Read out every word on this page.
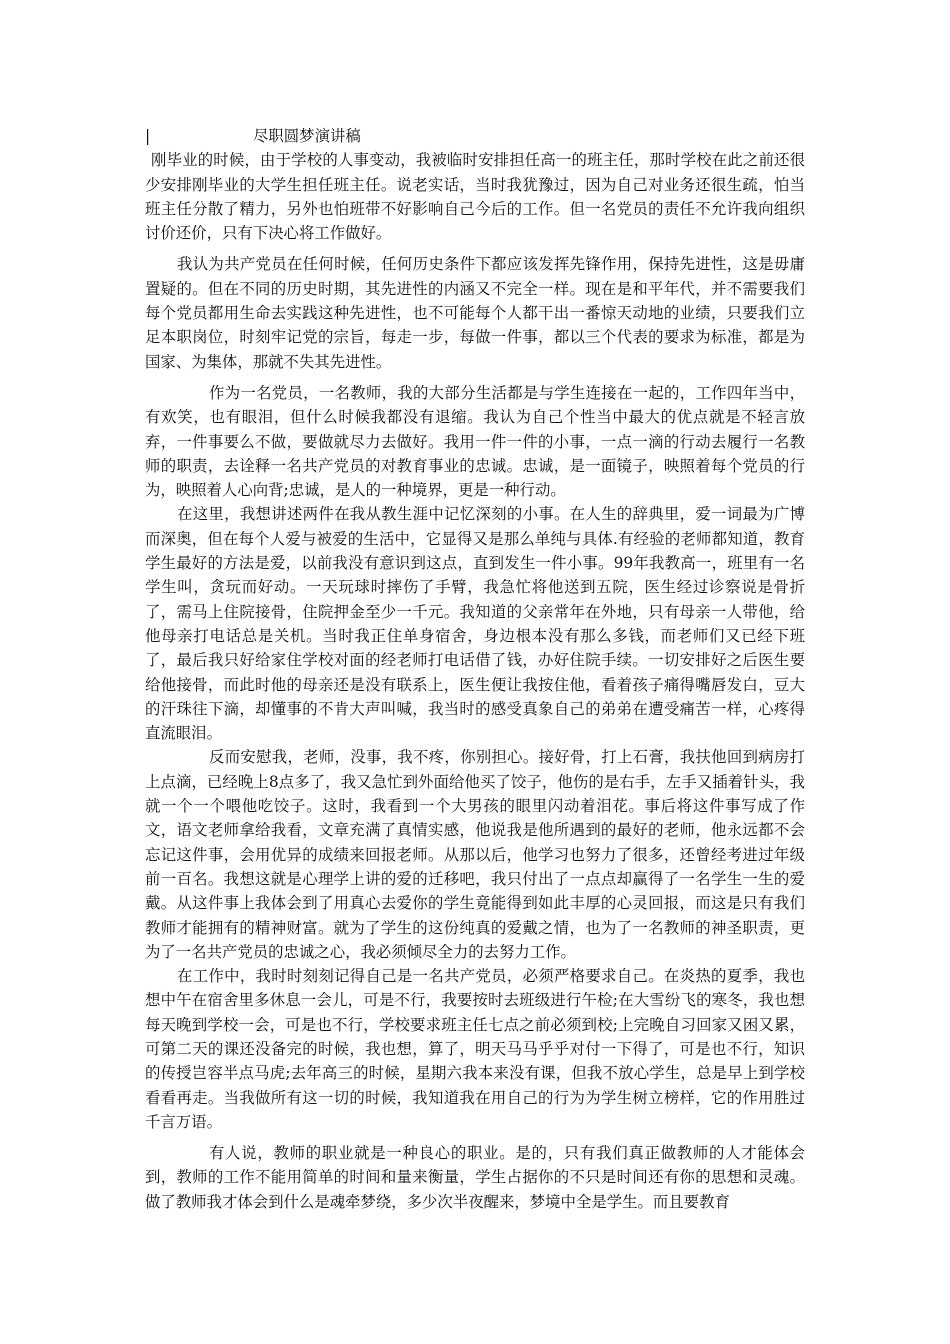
|	尽职圆梦演讲稿

刚毕业的时候，由于学校的人事变动，我被临时安排担任高一的班主任，那时学校在此之前还很少安排刚毕业的大学生担任班主任。说老实话，当时我犹豫过，因为自己对业务还很生疏，怕当班主任分散了精力，另外也怕班带不好影响自己今后的工作。但一名党员的责任不允许我向组织讨价还价，只有下决心将工作做好。

我认为共产党员在任何时候，任何历史条件下都应该发挥先锋作用，保持先进性，这是毋庸置疑的。但在不同的历史时期，其先进性的内涵又不完全一样。现在是和平年代，并不需要我们每个党员都用生命去实践这种先进性，也不可能每个人都干出一番惊天动地的业绩，只要我们立足本职岗位，时刻牢记党的宗旨，每走一步，每做一件事，都以三个代表的要求为标准，都是为国家、为集体，那就不失其先进性。

作为一名党员，一名教师，我的大部分生活都是与学生连接在一起的，工作四年当中，有欢笑，也有眼泪，但什么时候我都没有退缩。我认为自己个性当中最大的优点就是不轻言放弃，一件事要么不做，要做就尽力去做好。我用一件一件的小事，一点一滴的行动去履行一名教师的职责，去诠释一名共产党员的对教育事业的忠诚。忠诚，是一面镜子，映照着每个党员的行为，映照着人心向背;忠诚，是人的一种境界，更是一种行动。

在这里，我想讲述两件在我从教生涯中记忆深刻的小事。在人生的辞典里，爱一词最为广博而深奥，但在每个人爱与被爱的生活中，它显得又是那么单纯与具体.有经验的老师都知道，教育学生最好的方法是爱，以前我没有意识到这点，直到发生一件小事。99年我教高一，班里有一名学生叫，贪玩而好动。一天玩球时摔伤了手臂，我急忙将他送到五院，医生经过诊察说是骨折了，需马上住院接骨，住院押金至少一千元。我知道的父亲常年在外地，只有母亲一人带他，给他母亲打电话总是关机。当时我正住单身宿舍，身边根本没有那么多钱，而老师们又已经下班了，最后我只好给家住学校对面的经老师打电话借了钱，办好住院手续。一切安排好之后医生要给他接骨，而此时他的母亲还是没有联系上，医生便让我按住他，看着孩子痛得嘴唇发白，豆大的汗珠往下滴，却懂事的不肯大声叫喊，我当时的感受真象自己的弟弟在遭受痛苦一样，心疼得直流眼泪。

反而安慰我，老师，没事，我不疼，你别担心。接好骨，打上石膏，我扶他回到病房打上点滴，已经晚上8点多了，我又急忙到外面给他买了饺子，他伤的是右手，左手又插着针头，我就一个一个喂他吃饺子。这时，我看到一个大男孩的眼里闪动着泪花。事后将这件事写成了作文，语文老师拿给我看，文章充满了真情实感，他说我是他所遇到的最好的老师，他永远都不会忘记这件事，会用优异的成绩来回报老师。从那以后，他学习也努力了很多，还曾经考进过年级前一百名。我想这就是心理学上讲的爱的迁移吧，我只付出了一点点却赢得了一名学生一生的爱戴。从这件事上我体会到了用真心去爱你的学生竟能得到如此丰厚的心灵回报，而这是只有我们教师才能拥有的精神财富。就为了学生的这份纯真的爱戴之情，也为了一名教师的神圣职责，更为了一名共产党员的忠诚之心，我必须倾尽全力的去努力工作。

在工作中，我时时刻刻记得自己是一名共产党员，必须严格要求自己。在炎热的夏季，我也想中午在宿舍里多休息一会儿，可是不行，我要按时去班级进行午检;在大雪纷飞的寒冬，我也想每天晚到学校一会，可是也不行，学校要求班主任七点之前必须到校;上完晚自习回家又困又累，可第二天的课还没备完的时候，我也想，算了，明天马马乎乎对付一下得了，可是也不行，知识的传授岂容半点马虎;去年高三的时候，星期六我本来没有课，但我不放心学生，总是早上到学校看看再走。当我做所有这一切的时候，我知道我在用自己的行为为学生树立榜样，它的作用胜过千言万语。

有人说，教师的职业就是一种良心的职业。是的，只有我们真正做教师的人才能体会到，教师的工作不能用简单的时间和量来衡量，学生占据你的不只是时间还有你的思想和灵魂。做了教师我才体会到什么是魂牵梦绕，多少次半夜醒来，梦境中全是学生。而且要教育
